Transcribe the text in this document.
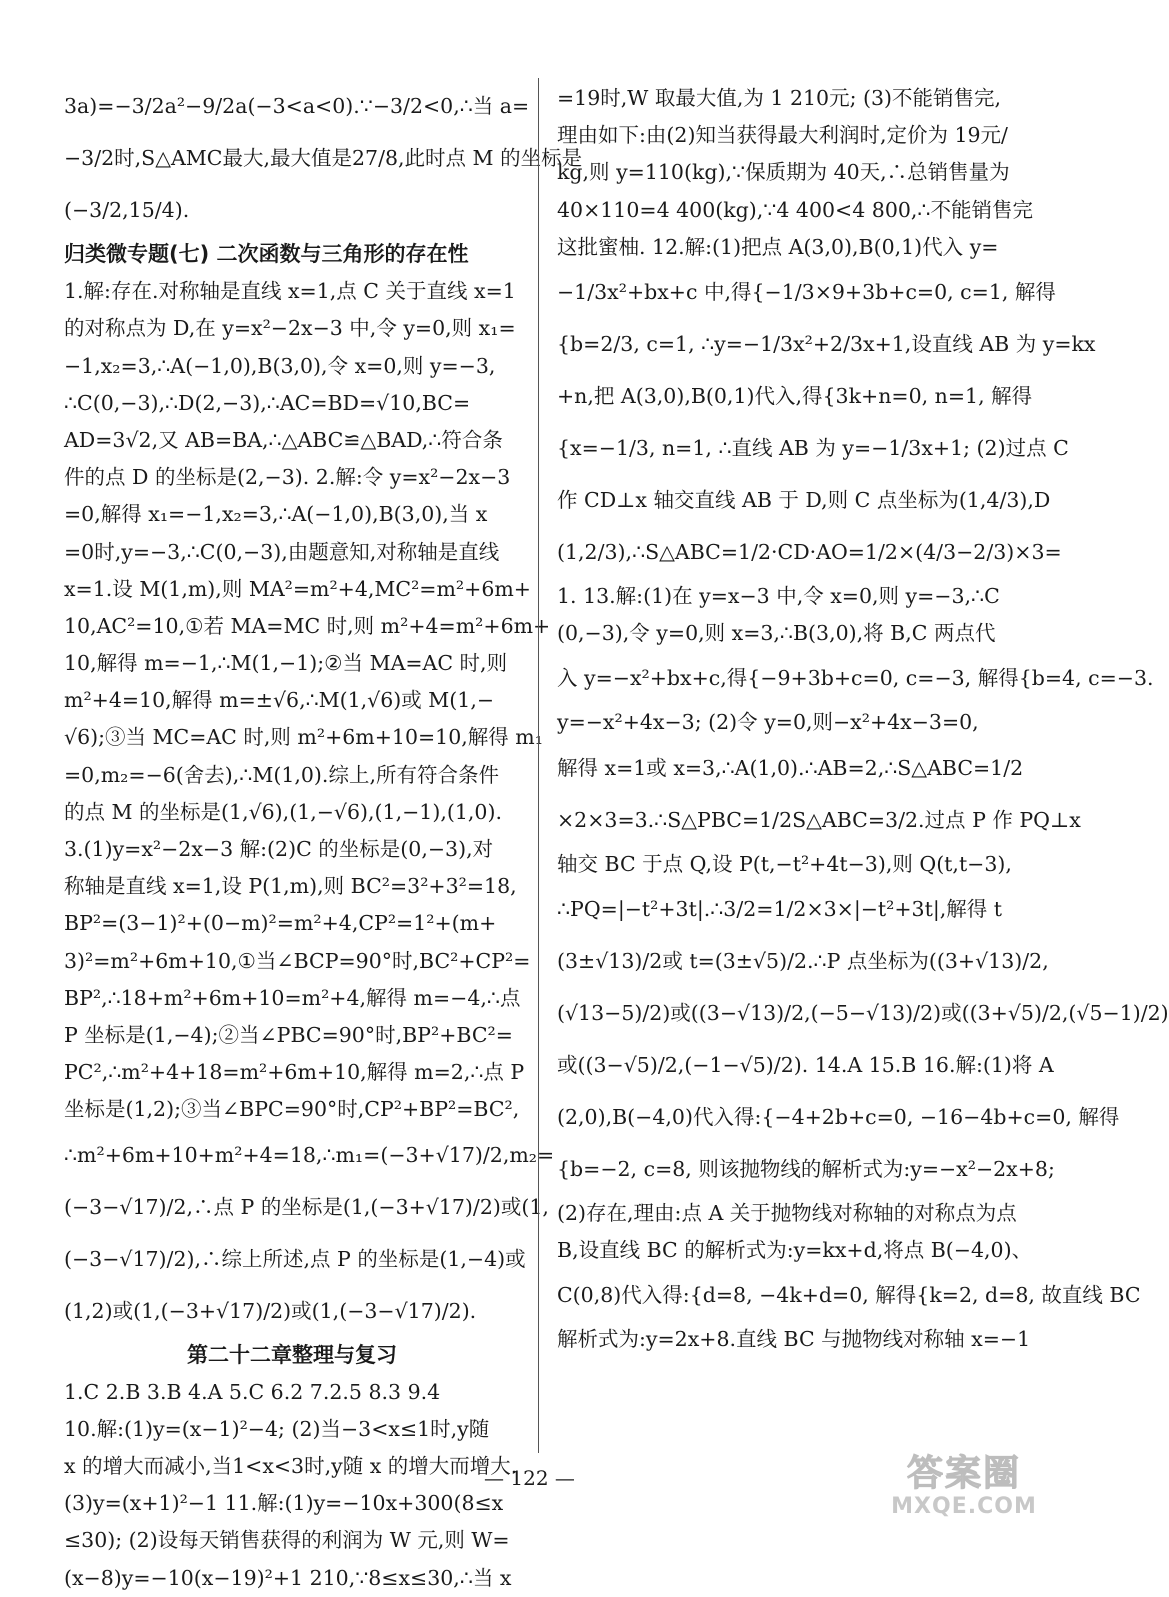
3a)=−3/2a²−9/2a(−3<a<0).∵−3/2<0,∴当 a=
−3/2时,S△AMC最大,最大值是27/8,此时点 M 的坐标是
(−3/2,15/4).
归类微专题(七) 二次函数与三角形的存在性
1.解:存在.对称轴是直线 x=1,点 C 关于直线 x=1
的对称点为 D,在 y=x²−2x−3 中,令 y=0,则 x₁=
−1,x₂=3,∴A(−1,0),B(3,0),令 x=0,则 y=−3,
∴C(0,−3),∴D(2,−3),∴AC=BD=√10,BC=
AD=3√2,又 AB=BA,∴△ABC≌△BAD,∴符合条
件的点 D 的坐标是(2,−3). 2.解:令 y=x²−2x−3
=0,解得 x₁=−1,x₂=3,∴A(−1,0),B(3,0),当 x
=0时,y=−3,∴C(0,−3),由题意知,对称轴是直线
x=1.设 M(1,m),则 MA²=m²+4,MC²=m²+6m+
10,AC²=10,①若 MA=MC 时,则 m²+4=m²+6m+
10,解得 m=−1,∴M(1,−1);②当 MA=AC 时,则
m²+4=10,解得 m=±√6,∴M(1,√6)或 M(1,−
√6);③当 MC=AC 时,则 m²+6m+10=10,解得 m₁
=0,m₂=−6(舍去),∴M(1,0).综上,所有符合条件
的点 M 的坐标是(1,√6),(1,−√6),(1,−1),(1,0).
3.(1)y=x²−2x−3 解:(2)C 的坐标是(0,−3),对
称轴是直线 x=1,设 P(1,m),则 BC²=3²+3²=18,
BP²=(3−1)²+(0−m)²=m²+4,CP²=1²+(m+
3)²=m²+6m+10,①当∠BCP=90°时,BC²+CP²=
BP²,∴18+m²+6m+10=m²+4,解得 m=−4,∴点
P 坐标是(1,−4);②当∠PBC=90°时,BP²+BC²=
PC²,∴m²+4+18=m²+6m+10,解得 m=2,∴点 P
坐标是(1,2);③当∠BPC=90°时,CP²+BP²=BC²,
∴m²+6m+10+m²+4=18,∴m₁=(−3+√17)/2,m₂=
(−3−√17)/2,∴点 P 的坐标是(1,(−3+√17)/2)或(1,
(−3−√17)/2),∴综上所述,点 P 的坐标是(1,−4)或
(1,2)或(1,(−3+√17)/2)或(1,(−3−√17)/2).
第二十二章整理与复习
1.C 2.B 3.B 4.A 5.C 6.2 7.2.5 8.3 9.4
10.解:(1)y=(x−1)²−4; (2)当−3<x≤1时,y随
x 的增大而减小,当1<x<3时,y随 x 的增大而增大.
(3)y=(x+1)²−1 11.解:(1)y=−10x+300(8≤x
≤30); (2)设每天销售获得的利润为 W 元,则 W=
(x−8)y=−10(x−19)²+1 210,∵8≤x≤30,∴当 x
=19时,W 取最大值,为 1 210元; (3)不能销售完,
理由如下:由(2)知当获得最大利润时,定价为 19元/
kg,则 y=110(kg),∵保质期为 40天,∴总销售量为
40×110=4 400(kg),∵4 400<4 800,∴不能销售完
这批蜜柚. 12.解:(1)把点 A(3,0),B(0,1)代入 y=
−1/3x²+bx+c 中,得{−1/3×9+3b+c=0, c=1, 解得
{b=2/3, c=1, ∴y=−1/3x²+2/3x+1,设直线 AB 为 y=kx
+n,把 A(3,0),B(0,1)代入,得{3k+n=0, n=1, 解得
{x=−1/3, n=1, ∴直线 AB 为 y=−1/3x+1; (2)过点 C
作 CD⊥x 轴交直线 AB 于 D,则 C 点坐标为(1,4/3),D
(1,2/3),∴S△ABC=1/2·CD·AO=1/2×(4/3−2/3)×3=
1. 13.解:(1)在 y=x−3 中,令 x=0,则 y=−3,∴C
(0,−3),令 y=0,则 x=3,∴B(3,0),将 B,C 两点代
入 y=−x²+bx+c,得{−9+3b+c=0, c=−3, 解得{b=4, c=−3.
y=−x²+4x−3; (2)令 y=0,则−x²+4x−3=0,
解得 x=1或 x=3,∴A(1,0).∴AB=2,∴S△ABC=1/2
×2×3=3.∴S△PBC=1/2S△ABC=3/2.过点 P 作 PQ⊥x
轴交 BC 于点 Q,设 P(t,−t²+4t−3),则 Q(t,t−3),
∴PQ=|−t²+3t|.∴3/2=1/2×3×|−t²+3t|,解得 t
(3±√13)/2或 t=(3±√5)/2.∴P 点坐标为((3+√13)/2,
(√13−5)/2)或((3−√13)/2,(−5−√13)/2)或((3+√5)/2,(√5−1)/2)
或((3−√5)/2,(−1−√5)/2). 14.A 15.B 16.解:(1)将 A
(2,0),B(−4,0)代入得:{−4+2b+c=0, −16−4b+c=0, 解得
{b=−2, c=8, 则该抛物线的解析式为:y=−x²−2x+8;
(2)存在,理由:点 A 关于抛物线对称轴的对称点为点
B,设直线 BC 的解析式为:y=kx+d,将点 B(−4,0)、
C(0,8)代入得:{d=8, −4k+d=0, 解得{k=2, d=8, 故直线 BC
解析式为:y=2x+8.直线 BC 与抛物线对称轴 x=−1
— 122 —	答案圈
MXQE.COM
